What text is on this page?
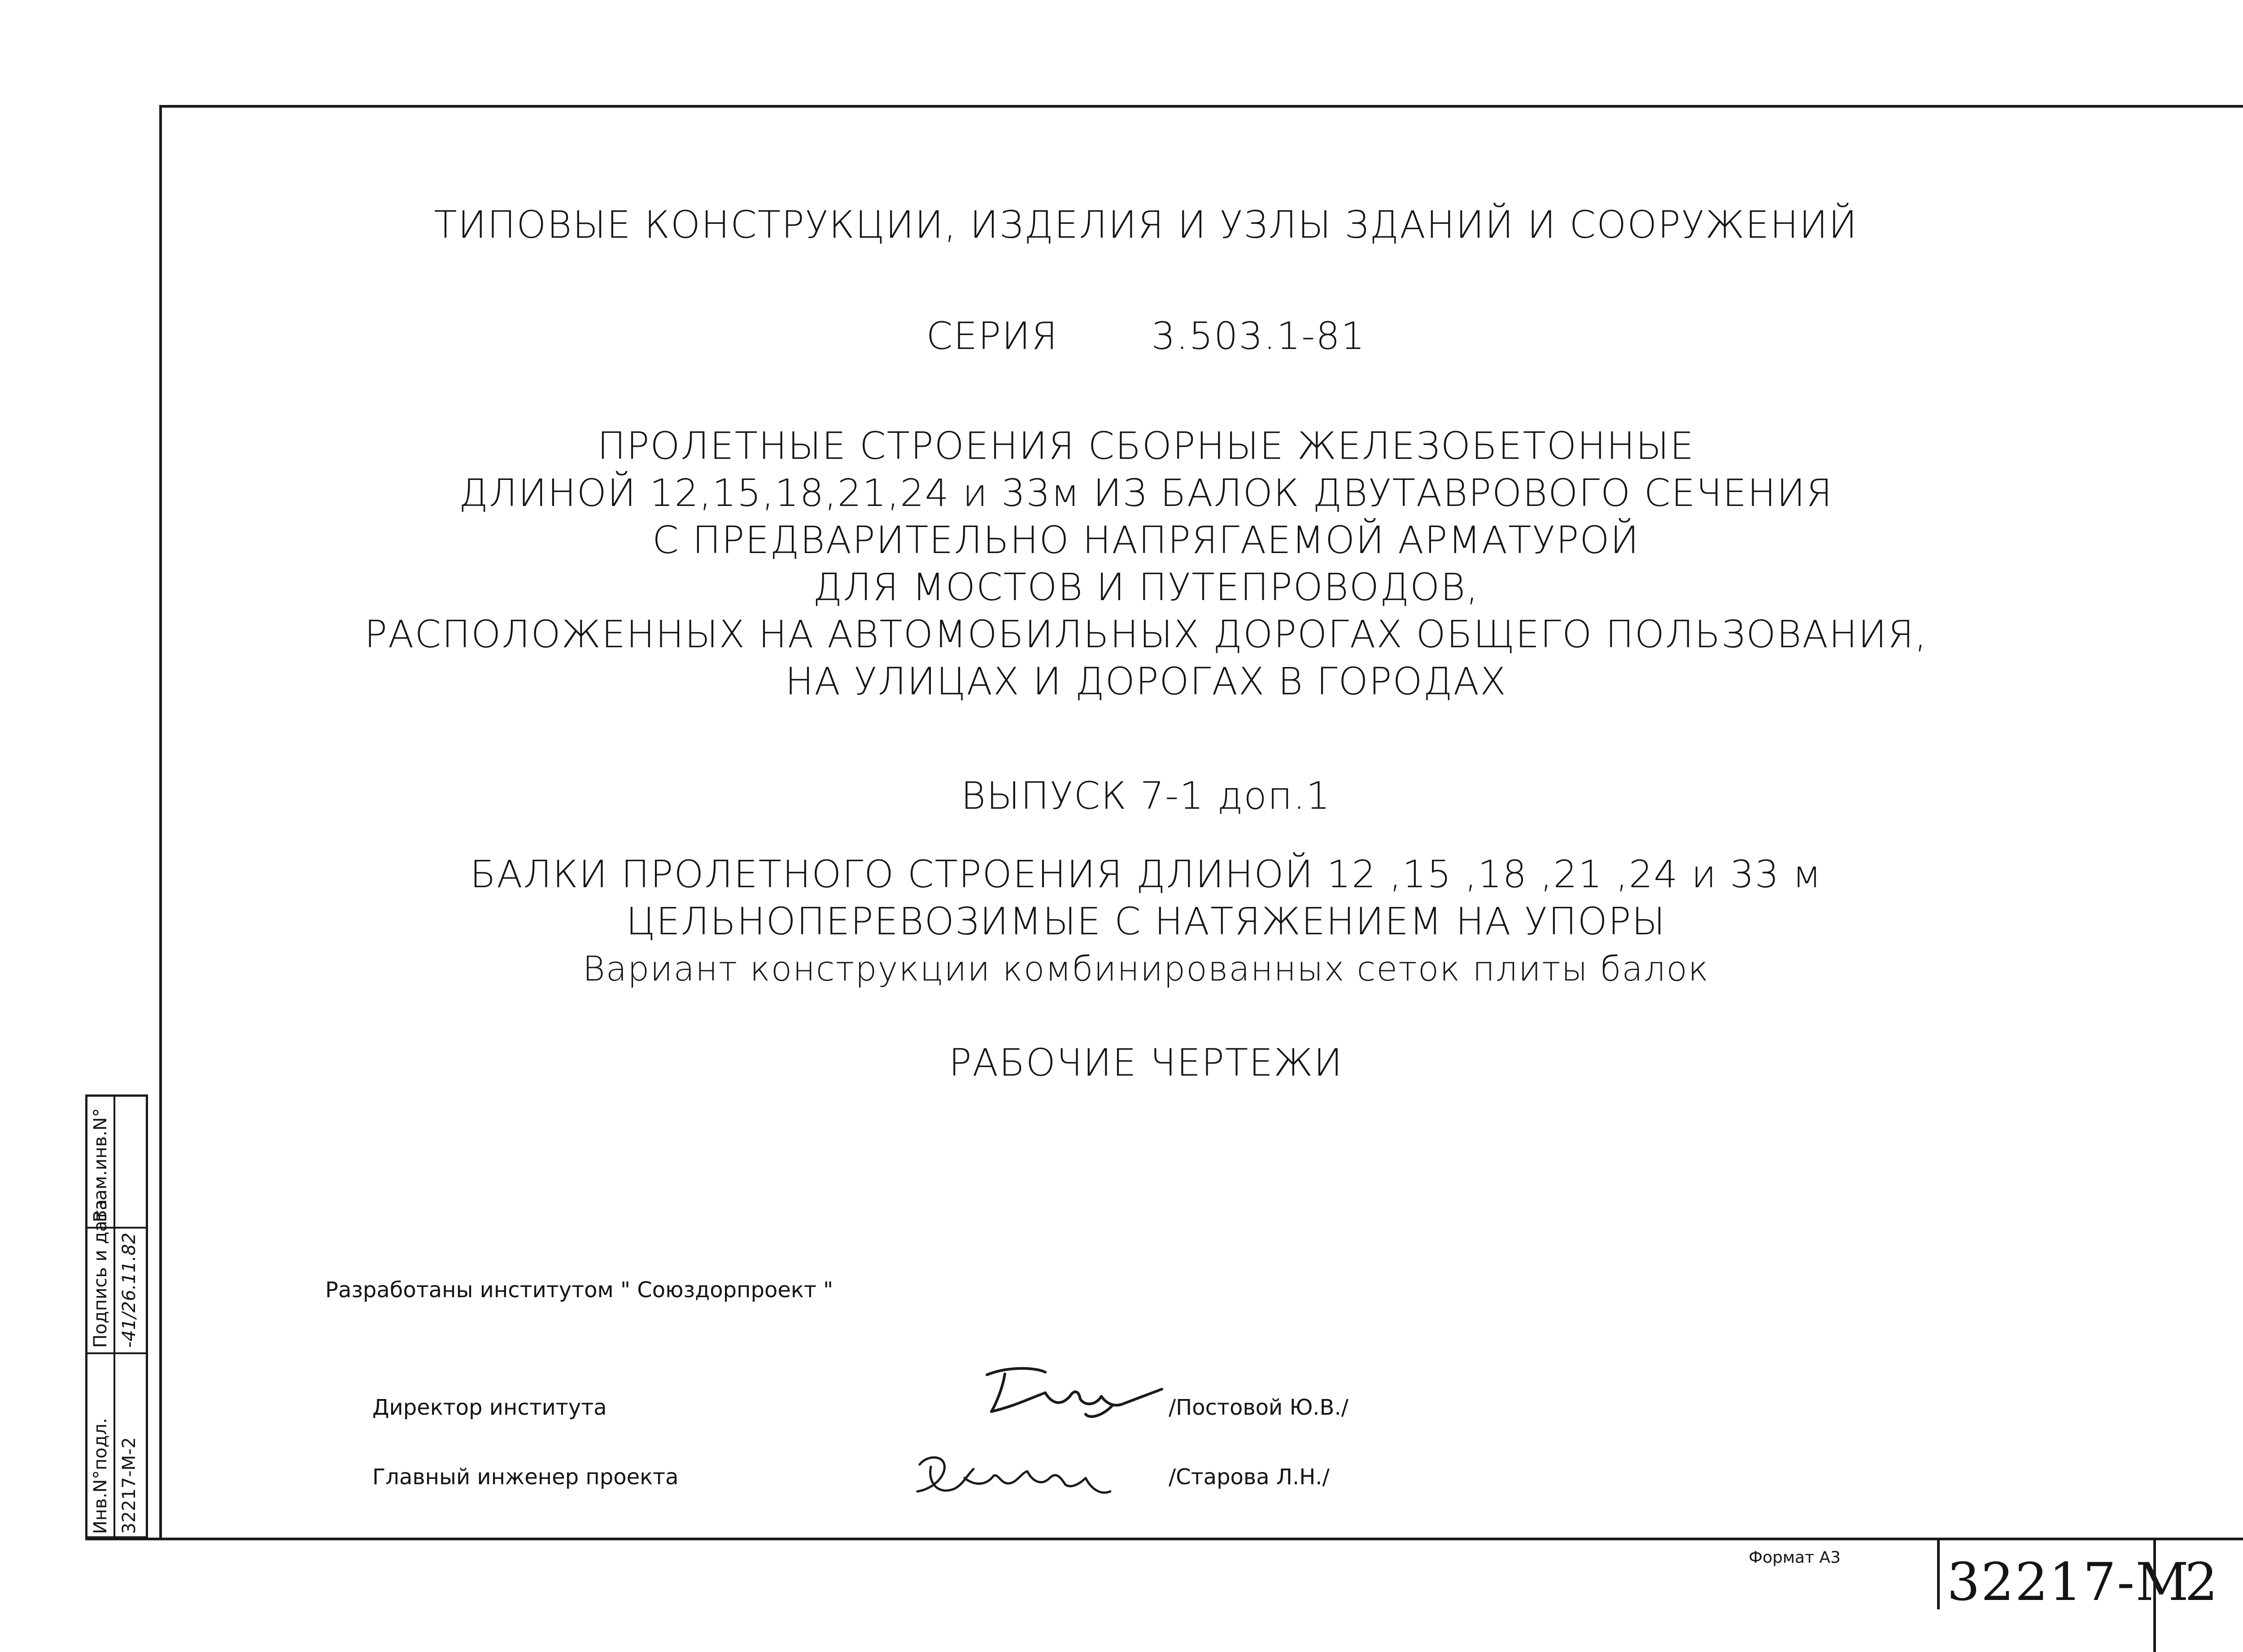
ТИПОВЫЕ КОНСТРУКЦИИ, ИЗДЕЛИЯ И УЗЛЫ ЗДАНИЙ И СООРУЖЕНИЙ
СЕРИЯ 3.503.1-81
ПРОЛЕТНЫЕ СТРОЕНИЯ СБОРНЫЕ ЖЕЛЕЗОБЕТОННЫЕ
ДЛИНОЙ 12,15,18,21,24 и 33м ИЗ БАЛОК ДВУТАВРОВОГО СЕЧЕНИЯ
С ПРЕДВАРИТЕЛЬНО НАПРЯГАЕМОЙ АРМАТУРОЙ
ДЛЯ МОСТОВ И ПУТЕПРОВОДОВ,
РАСПОЛОЖЕННЫХ НА АВТОМОБИЛЬНЫХ ДОРОГАХ ОБЩЕГО ПОЛЬЗОВАНИЯ,
НА УЛИЦАХ И ДОРОГАХ В ГОРОДАХ
ВЫПУСК 7-1 доп.1
БАЛКИ ПРОЛЕТНОГО СТРОЕНИЯ ДЛИНОЙ 12 ,15 ,18 ,21 ,24 и 33 м
ЦЕЛЬНОПЕРЕВОЗИМЫЕ С НАТЯЖЕНИЕМ НА УПОРЫ
Вариант конструкции комбинированных сеток плиты балок
РАБОЧИЕ ЧЕРТЕЖИ
Разработаны институтом " Союздорпроект "
Директор института	/Постовой Ю.В./
Главный инженер проекта	/Старова Л.Н./
Инв.N°подл. 32217-М-2
Подпись и дата -41/26.11.82
Взам.инв.N°
Формат А3 32217-М
2
